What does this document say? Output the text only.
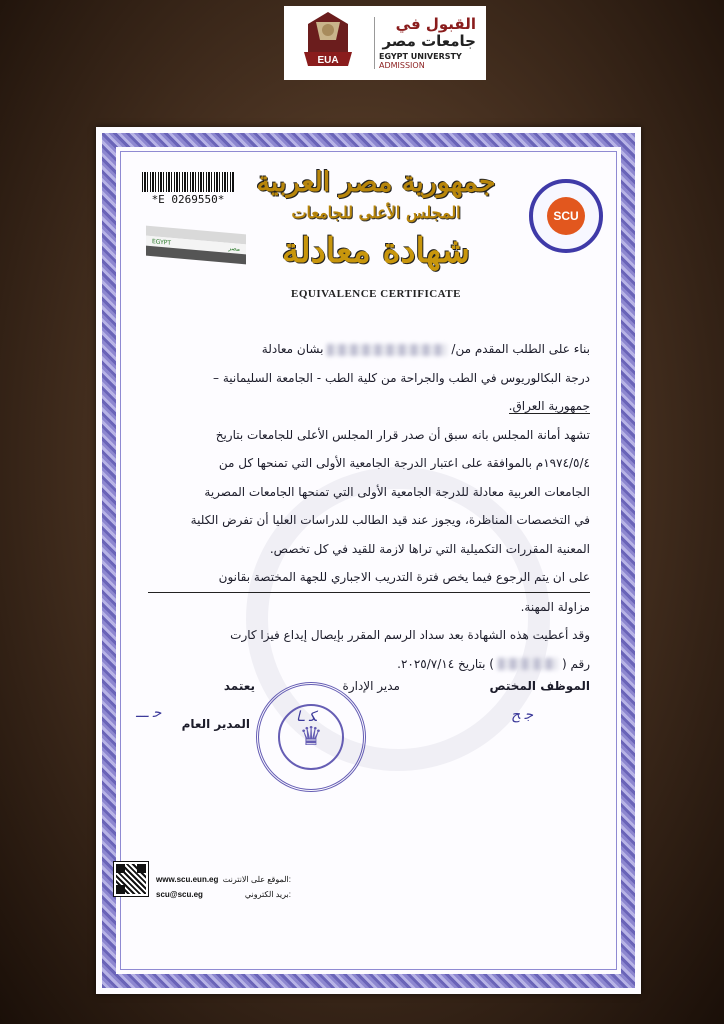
EUA
القبول في
جامعات مصر
EGYPT UNIVERSTY
ADMISSION
*E 0269550*
EGYPT
مصر
جمهورية مصر العربية
المجلس الأعلى للجامعات
شهادة معادلة
EQUIVALENCE CERTIFICATE
SCU

بناء على الطلب المقدم من/بشان معادلة

درجة البكالوريوس في الطب والجراحة من كلية الطب - الجامعة السليمانية –

جمهورية العراق.

تشهد أمانة المجلس بانه سبق أن صدر قرار المجلس الأعلى للجامعات بتاريخ

١٩٧٤/٥/٤م بالموافقة على اعتبار الدرجة الجامعية الأولى التي تمنحها كل من

الجامعات العربية معادلة للدرجة الجامعية الأولى التي تمنحها الجامعات المصرية

في التخصصات المناظرة، ويجوز عند قيد الطالب للدراسات العليا أن تفرض الكلية

المعنية المقررات التكميلية التي تراها لازمة للقيد في كل تخصص.

على ان يتم الرجوع فيما يخص فترة التدريب الاجباري للجهة المختصة بقانون

مزاولة المهنة.

وقد أعطيت هذه الشهادة بعد سداد الرسم المقرر بإيصال إيداع فيزا كارت

رقم () بتاريخ ٢٠٢٥/٧/١٤.

♛
الموظف المختص
مدير الإدارة
يعتمد
المدير العام
ﺣ ـــ	ﻜ ـﺎ	ﺟ ﺢ
www.scu.eun.eg الموقع على الانترنت:
scu@scu.eg	بريد الكتروني:
